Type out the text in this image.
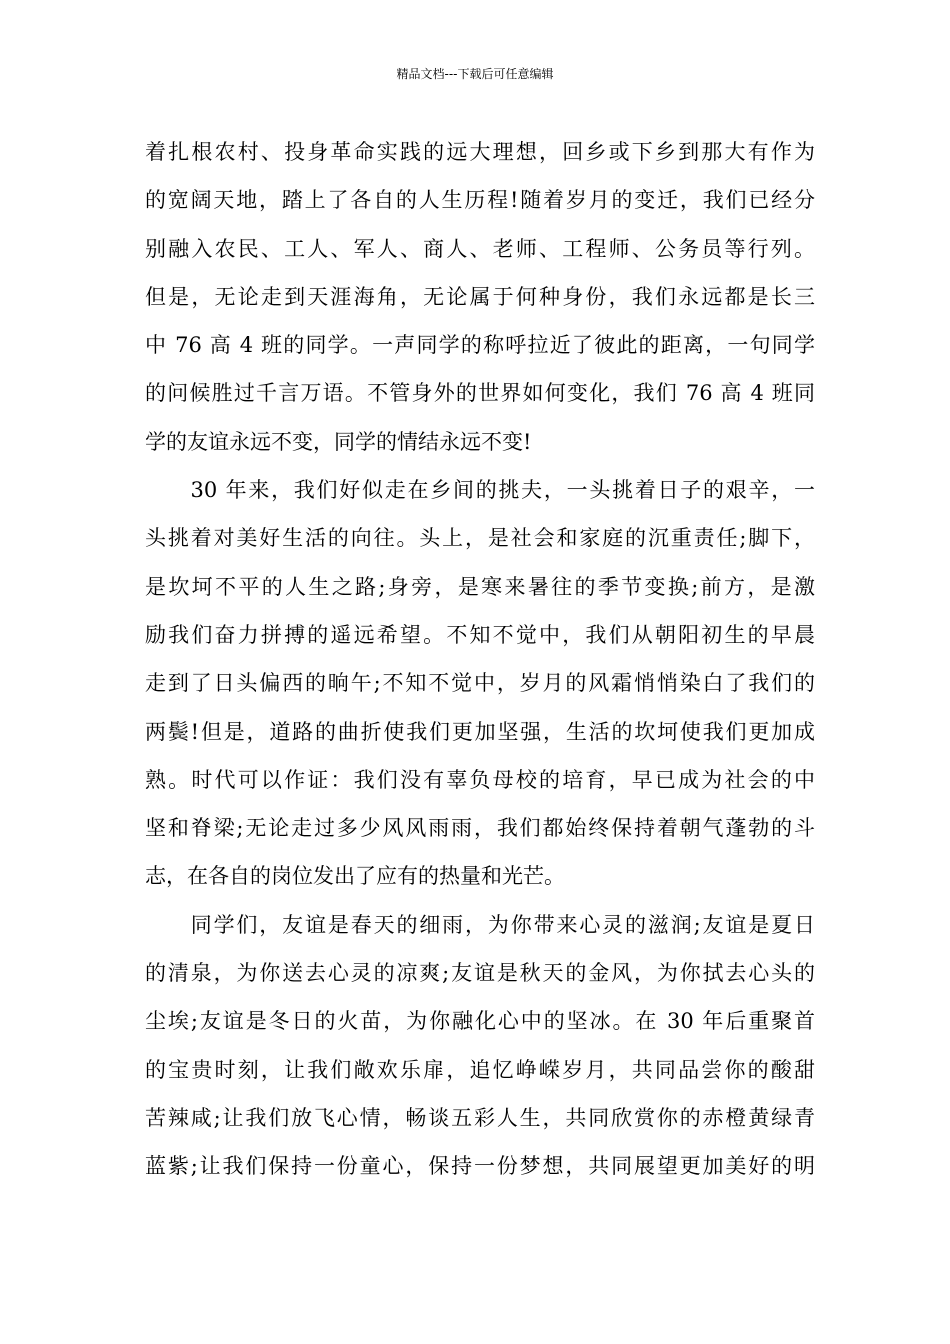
精品文档---下载后可任意编辑
着扎根农村、投身革命实践的远大理想，回乡或下乡到那大有作为
的宽阔天地，踏上了各自的人生历程!随着岁月的变迁，我们已经分
别融入农民、工人、军人、商人、老师、工程师、公务员等行列。
但是，无论走到天涯海角，无论属于何种身份，我们永远都是长三
中 76 高 4 班的同学。一声同学的称呼拉近了彼此的距离，一句同学
的问候胜过千言万语。不管身外的世界如何变化，我们 76 高 4 班同
学的友谊永远不变，同学的情结永远不变!
　　30 年来，我们好似走在乡间的挑夫，一头挑着日子的艰辛，一
头挑着对美好生活的向往。头上，是社会和家庭的沉重责任;脚下，
是坎坷不平的人生之路;身旁，是寒来暑往的季节变换;前方，是激
励我们奋力拼搏的遥远希望。不知不觉中，我们从朝阳初生的早晨
走到了日头偏西的晌午;不知不觉中，岁月的风霜悄悄染白了我们的
两鬓!但是，道路的曲折使我们更加坚强，生活的坎坷使我们更加成
熟。时代可以作证：我们没有辜负母校的培育，早已成为社会的中
坚和脊梁;无论走过多少风风雨雨，我们都始终保持着朝气蓬勃的斗
志，在各自的岗位发出了应有的热量和光芒。
　　同学们，友谊是春天的细雨，为你带来心灵的滋润;友谊是夏日
的清泉，为你送去心灵的凉爽;友谊是秋天的金风，为你拭去心头的
尘埃;友谊是冬日的火苗，为你融化心中的坚冰。在 30 年后重聚首
的宝贵时刻，让我们敞欢乐扉，追忆峥嵘岁月，共同品尝你的酸甜
苦辣咸;让我们放飞心情，畅谈五彩人生，共同欣赏你的赤橙黄绿青
蓝紫;让我们保持一份童心，保持一份梦想，共同展望更加美好的明
